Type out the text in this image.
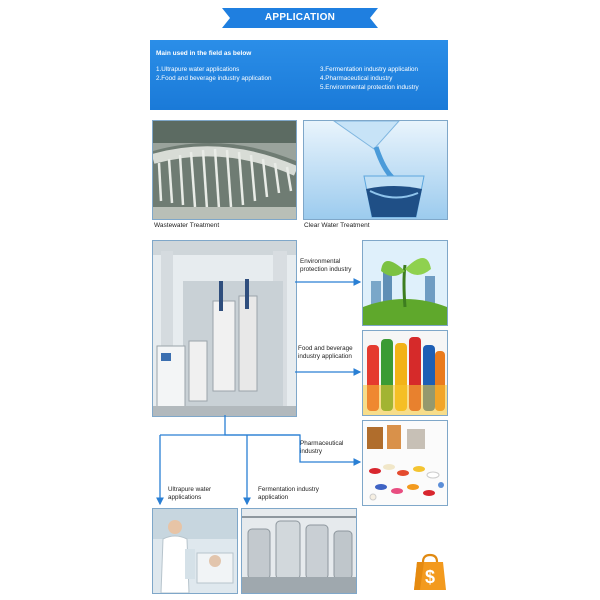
APPLICATION
Main used in the field as below
1.Ultrapure water applications
2.Food and beverage industry application
3.Fermentation industry application
4.Pharmaceutical industry
5.Environmental protection industry
Wastewater Treatment	Clear Water Treatment
Environmental protection industry
Food and beverage industry application
Pharmaceutical industry
Ultrapure water applications
Fermentation industry application
$
